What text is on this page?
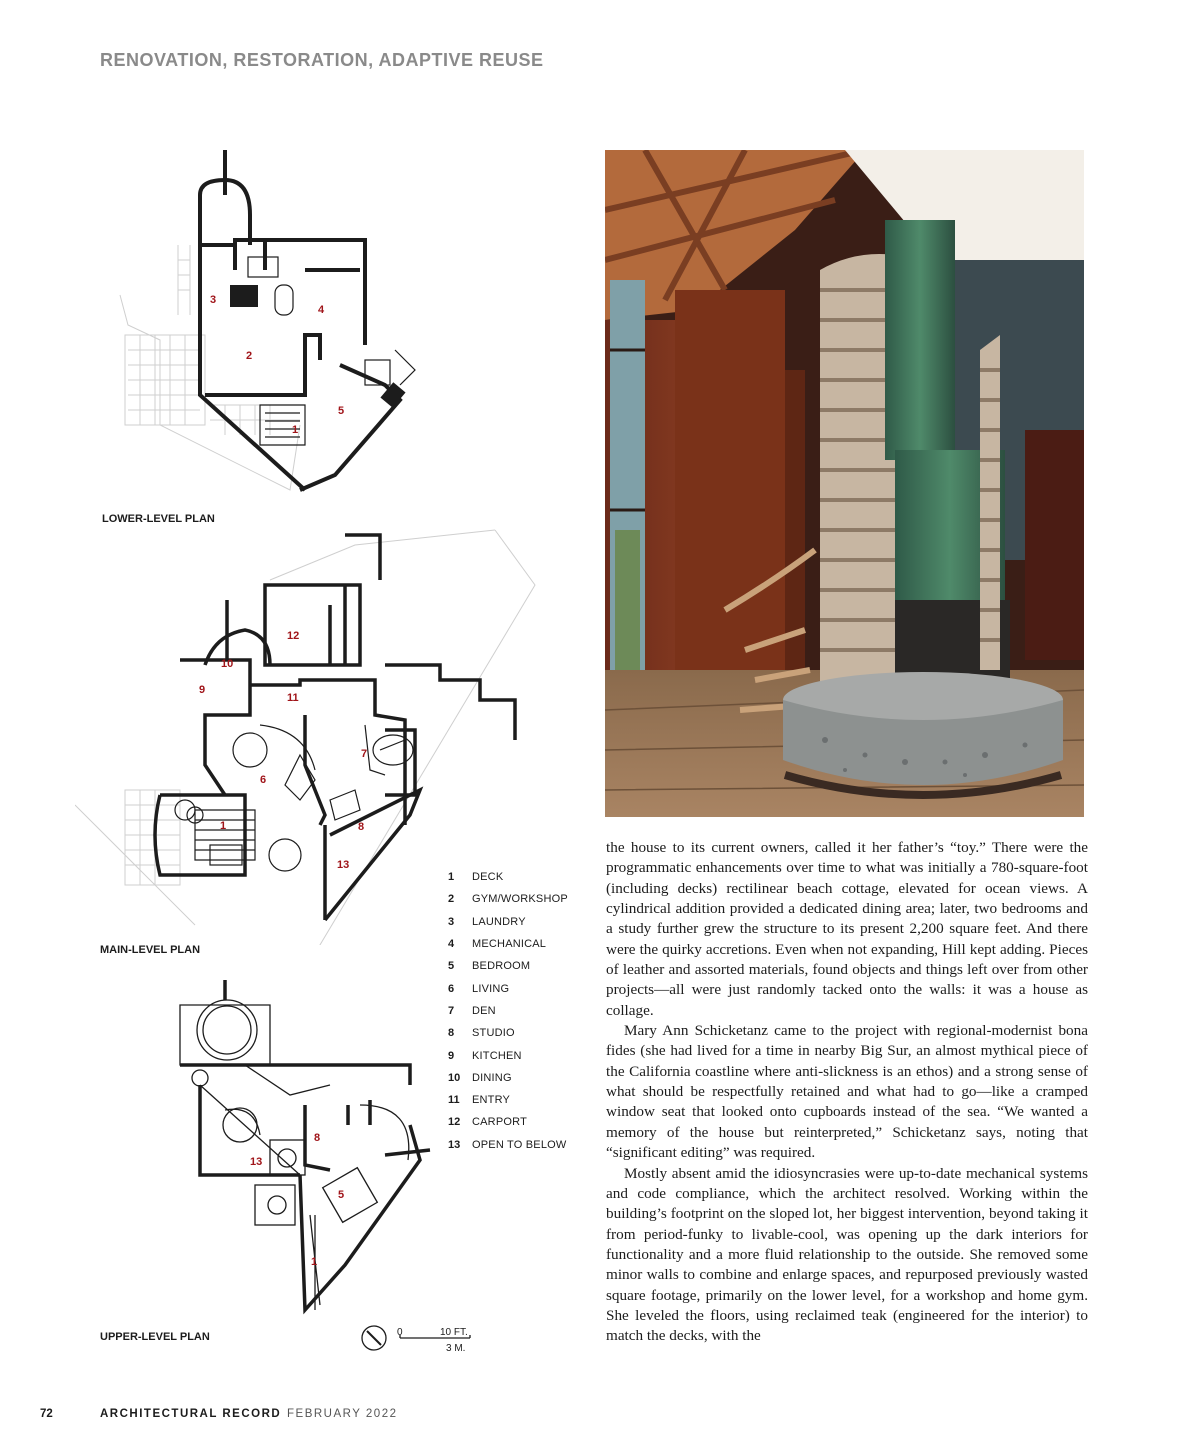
RENOVATION, RESTORATION, ADAPTIVE REUSE
3
2
4
5
1
LOWER-LEVEL PLAN
12
10
9
11
7
6
1	8
13
MAIN-LEVEL PLAN
8
13
5
1
UPPER-LEVEL PLAN	0	10 FT.
3 M.
1	DECK
2	GYM/WORKSHOP
3	LAUNDRY
4	MECHANICAL
5	BEDROOM
6	LIVING
7	DEN
8	STUDIO
9	KITCHEN
10	DINING
11	ENTRY
12	CARPORT
13	OPEN TO BELOW

the house to its current owners, called it her father’s “toy.” There were the programmatic enhancements over time to what was initially a 780-square-foot (including decks) rectilinear beach cottage, elevated for ocean views. A cylindrical addition provided a dedicated dining area; later, two bedrooms and a study further grew the structure to its present 2,200 square feet. And there were the quirky accretions. Even when not expanding, Hill kept adding. Pieces of leather and assorted materials, found objects and things left over from other projects—all were just randomly tacked onto the walls: it was a house as collage.

Mary Ann Schicketanz came to the project with regional-modernist bona fides (she had lived for a time in nearby Big Sur, an almost mythical piece of the California coastline where anti-slickness is an ethos) and a strong sense of what should be respectfully retained and what had to go—like a cramped window seat that looked onto cupboards instead of the sea. “We wanted a memory of the house but reinterpreted,” Schicketanz says, noting that “significant editing” was required.

Mostly absent amid the idiosyncrasies were up-to-date mechanical systems and code compliance, which the architect resolved. Working within the building’s footprint on the sloped lot, her biggest intervention, beyond taking it from period-funky to livable-cool, was opening up the dark interiors for functionality and a more fluid relationship to the outside. She removed some minor walls to combine and enlarge spaces, and repurposed previously wasted square footage, primarily on the lower level, for a workshop and home gym. She leveled the floors, using reclaimed teak (engineered for the interior) to match the decks, with the

72	ARCHITECTURAL RECORD FEBRUARY 2022
